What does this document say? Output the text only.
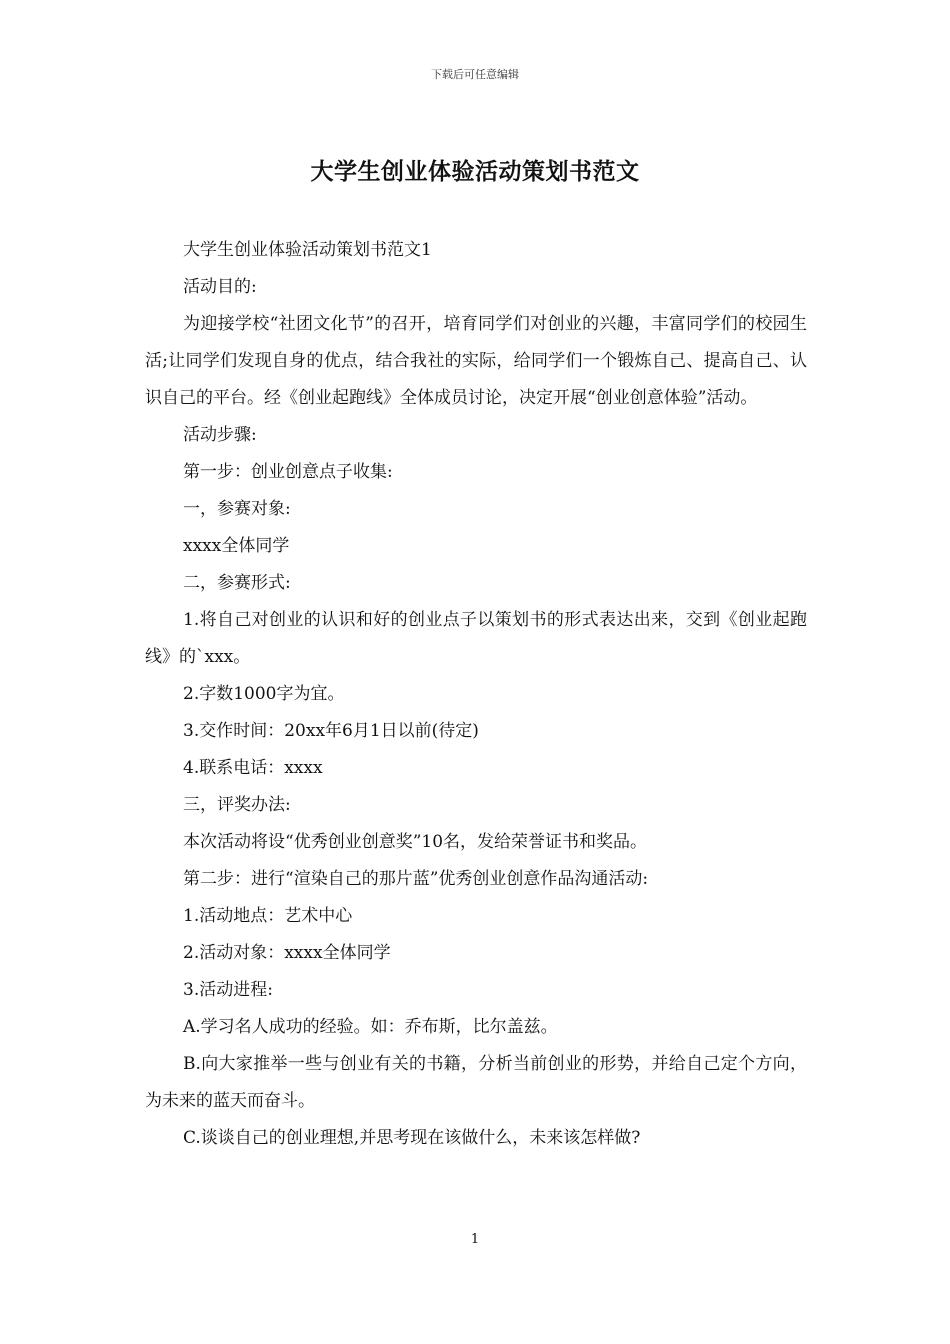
下载后可任意编辑
大学生创业体验活动策划书范文

大学生创业体验活动策划书范文1

活动目的:

为迎接学校“社团文化节”的召开，培育同学们对创业的兴趣，丰富同学们的校园生活;让同学们发现自身的优点，结合我社的实际，给同学们一个锻炼自己、提高自己、认识自己的平台。经《创业起跑线》全体成员讨论，决定开展“创业创意体验”活动。

活动步骤:

第一步：创业创意点子收集:

一，参赛对象:

xxxx全体同学

二，参赛形式:

1.将自己对创业的认识和好的创业点子以策划书的形式表达出来，交到《创业起跑线》的`xxx。

2.字数1000字为宜。

3.交作时间：20xx年6月1日以前(待定)

4.联系电话：xxxx

三，评奖办法:

本次活动将设“优秀创业创意奖”10名，发给荣誉证书和奖品。

第二步：进行“渲染自己的那片蓝”优秀创业创意作品沟通活动:

1.活动地点：艺术中心

2.活动对象：xxxx全体同学

3.活动进程:

A.学习名人成功的经验。如：乔布斯，比尔盖兹。

B.向大家推举一些与创业有关的书籍，分析当前创业的形势，并给自己定个方向，为未来的蓝天而奋斗。

C.谈谈自己的创业理想,并思考现在该做什么，未来该怎样做?

1
